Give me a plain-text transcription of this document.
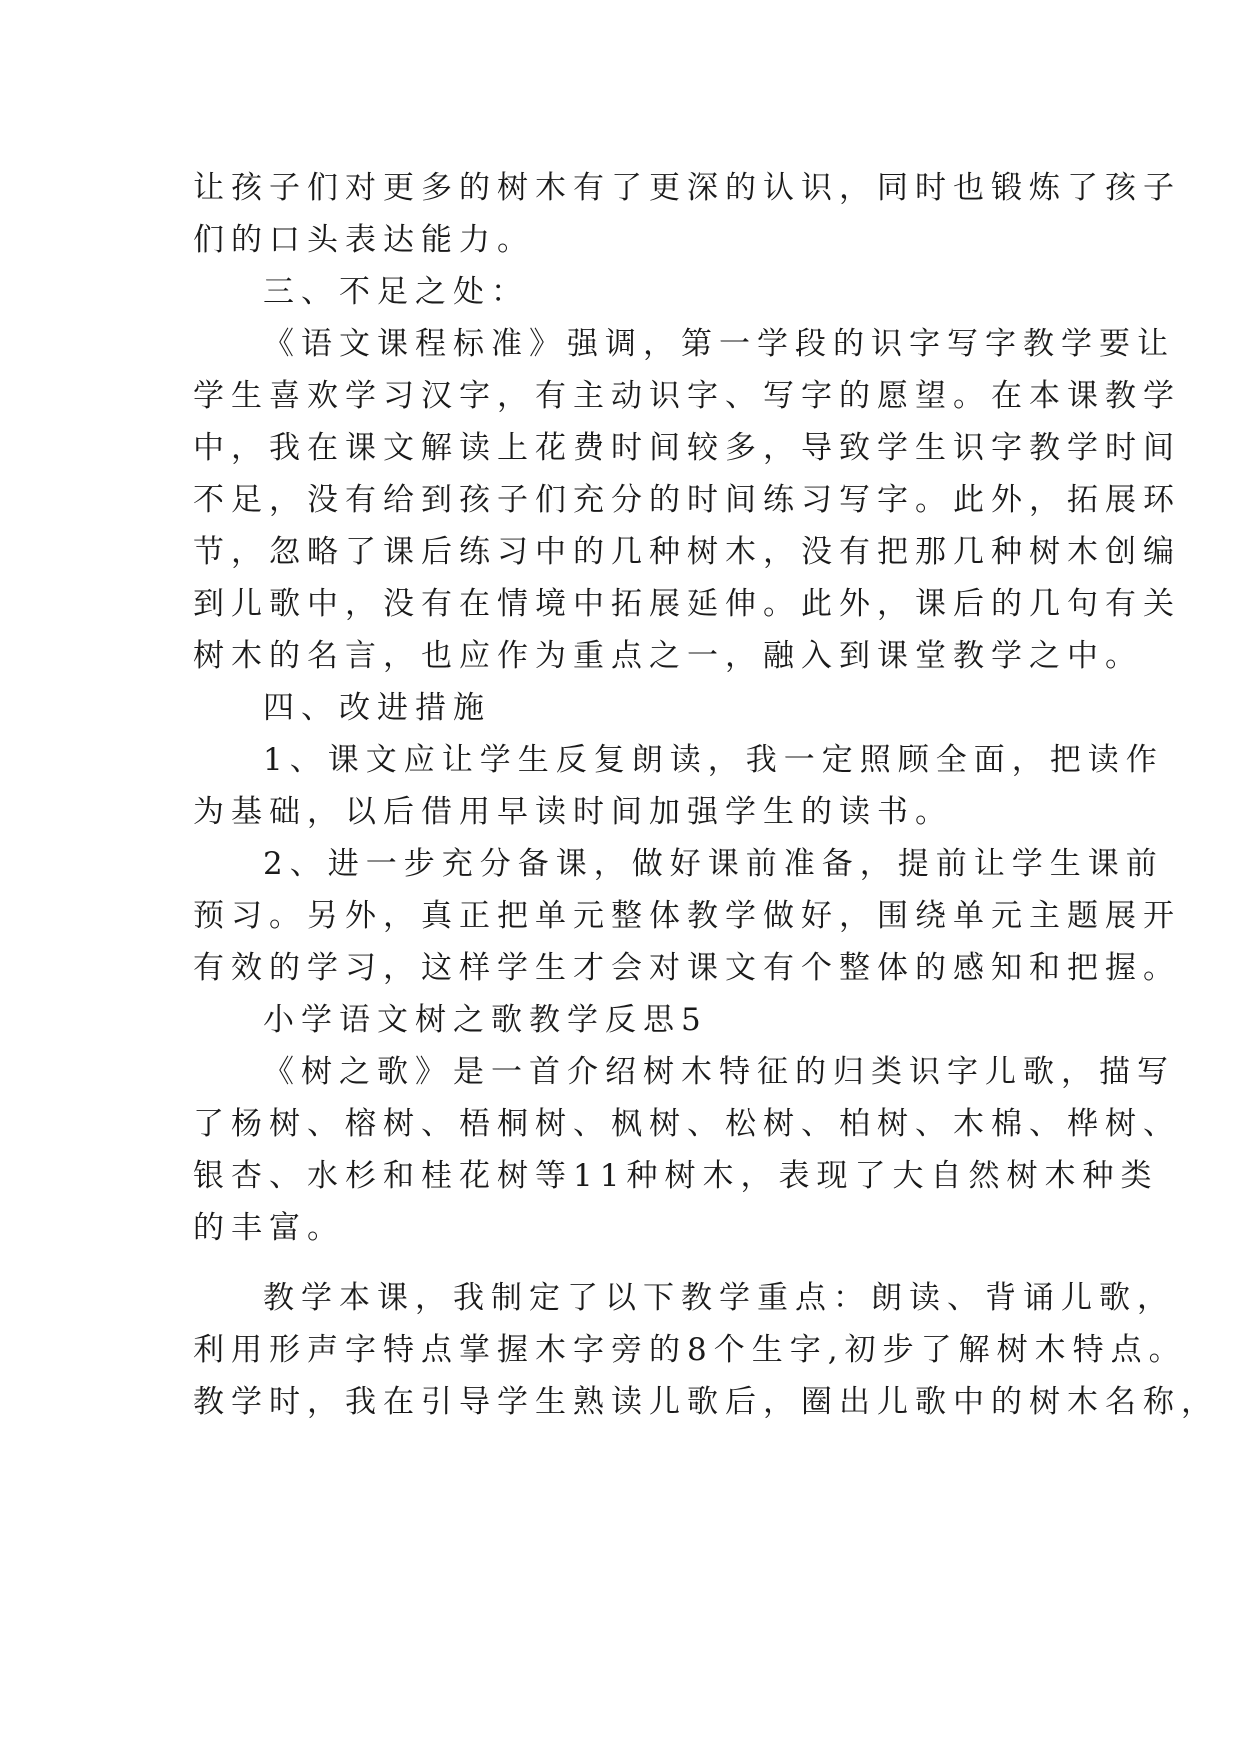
让孩子们对更多的树木有了更深的认识，同时也锻炼了孩子
们的口头表达能力。
三、不足之处：
《语文课程标准》强调，第一学段的识字写字教学要让
学生喜欢学习汉字，有主动识字、写字的愿望。在本课教学
中，我在课文解读上花费时间较多，导致学生识字教学时间
不足，没有给到孩子们充分的时间练习写字。此外，拓展环
节，忽略了课后练习中的几种树木，没有把那几种树木创编
到儿歌中，没有在情境中拓展延伸。此外，课后的几句有关
树木的名言，也应作为重点之一，融入到课堂教学之中。
四、改进措施
1、课文应让学生反复朗读，我一定照顾全面，把读作
为基础，以后借用早读时间加强学生的读书。
2、进一步充分备课，做好课前准备，提前让学生课前
预习。另外，真正把单元整体教学做好，围绕单元主题展开
有效的学习，这样学生才会对课文有个整体的感知和把握。
小学语文树之歌教学反思5
《树之歌》是一首介绍树木特征的归类识字儿歌，描写
了杨树、榕树、梧桐树、枫树、松树、柏树、木棉、桦树、
银杏、水杉和桂花树等11种树木，表现了大自然树木种类
的丰富。
教学本课，我制定了以下教学重点：朗读、背诵儿歌，
利用形声字特点掌握木字旁的8个生字,初步了解树木特点。
教学时，我在引导学生熟读儿歌后，圈出儿歌中的树木名称，
